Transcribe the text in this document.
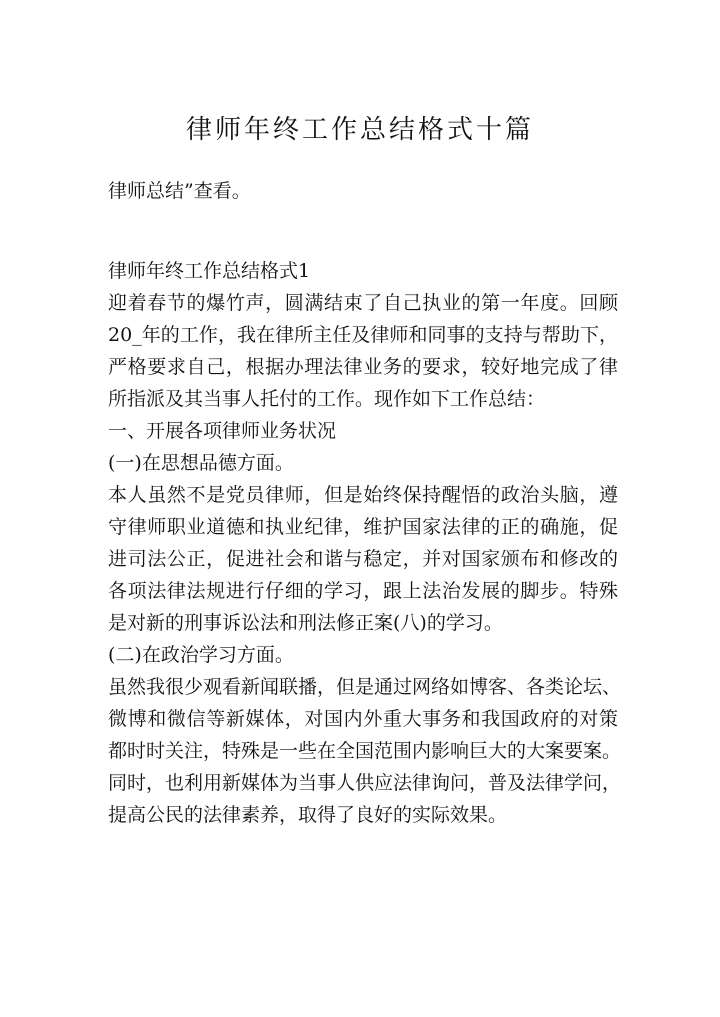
律师年终工作总结格式十篇

律师总结”查看。

律师年终工作总结格式1

迎着春节的爆竹声，圆满结束了自己执业的第一年度。回顾

20_年的工作，我在律所主任及律师和同事的支持与帮助下，

严格要求自己，根据办理法律业务的要求，较好地完成了律

所指派及其当事人托付的工作。现作如下工作总结：

一、开展各项律师业务状况

(一)在思想品德方面。

本人虽然不是党员律师，但是始终保持醒悟的政治头脑，遵

守律师职业道德和执业纪律，维护国家法律的正的确施，促

进司法公正，促进社会和谐与稳定，并对国家颁布和修改的

各项法律法规进行仔细的学习，跟上法治发展的脚步。特殊

是对新的刑事诉讼法和刑法修正案(八)的学习。

(二)在政治学习方面。

虽然我很少观看新闻联播，但是通过网络如博客、各类论坛、

微博和微信等新媒体，对国内外重大事务和我国政府的对策

都时时关注，特殊是一些在全国范围内影响巨大的大案要案。

同时，也利用新媒体为当事人供应法律询问，普及法律学问，

提高公民的法律素养，取得了良好的实际效果。
